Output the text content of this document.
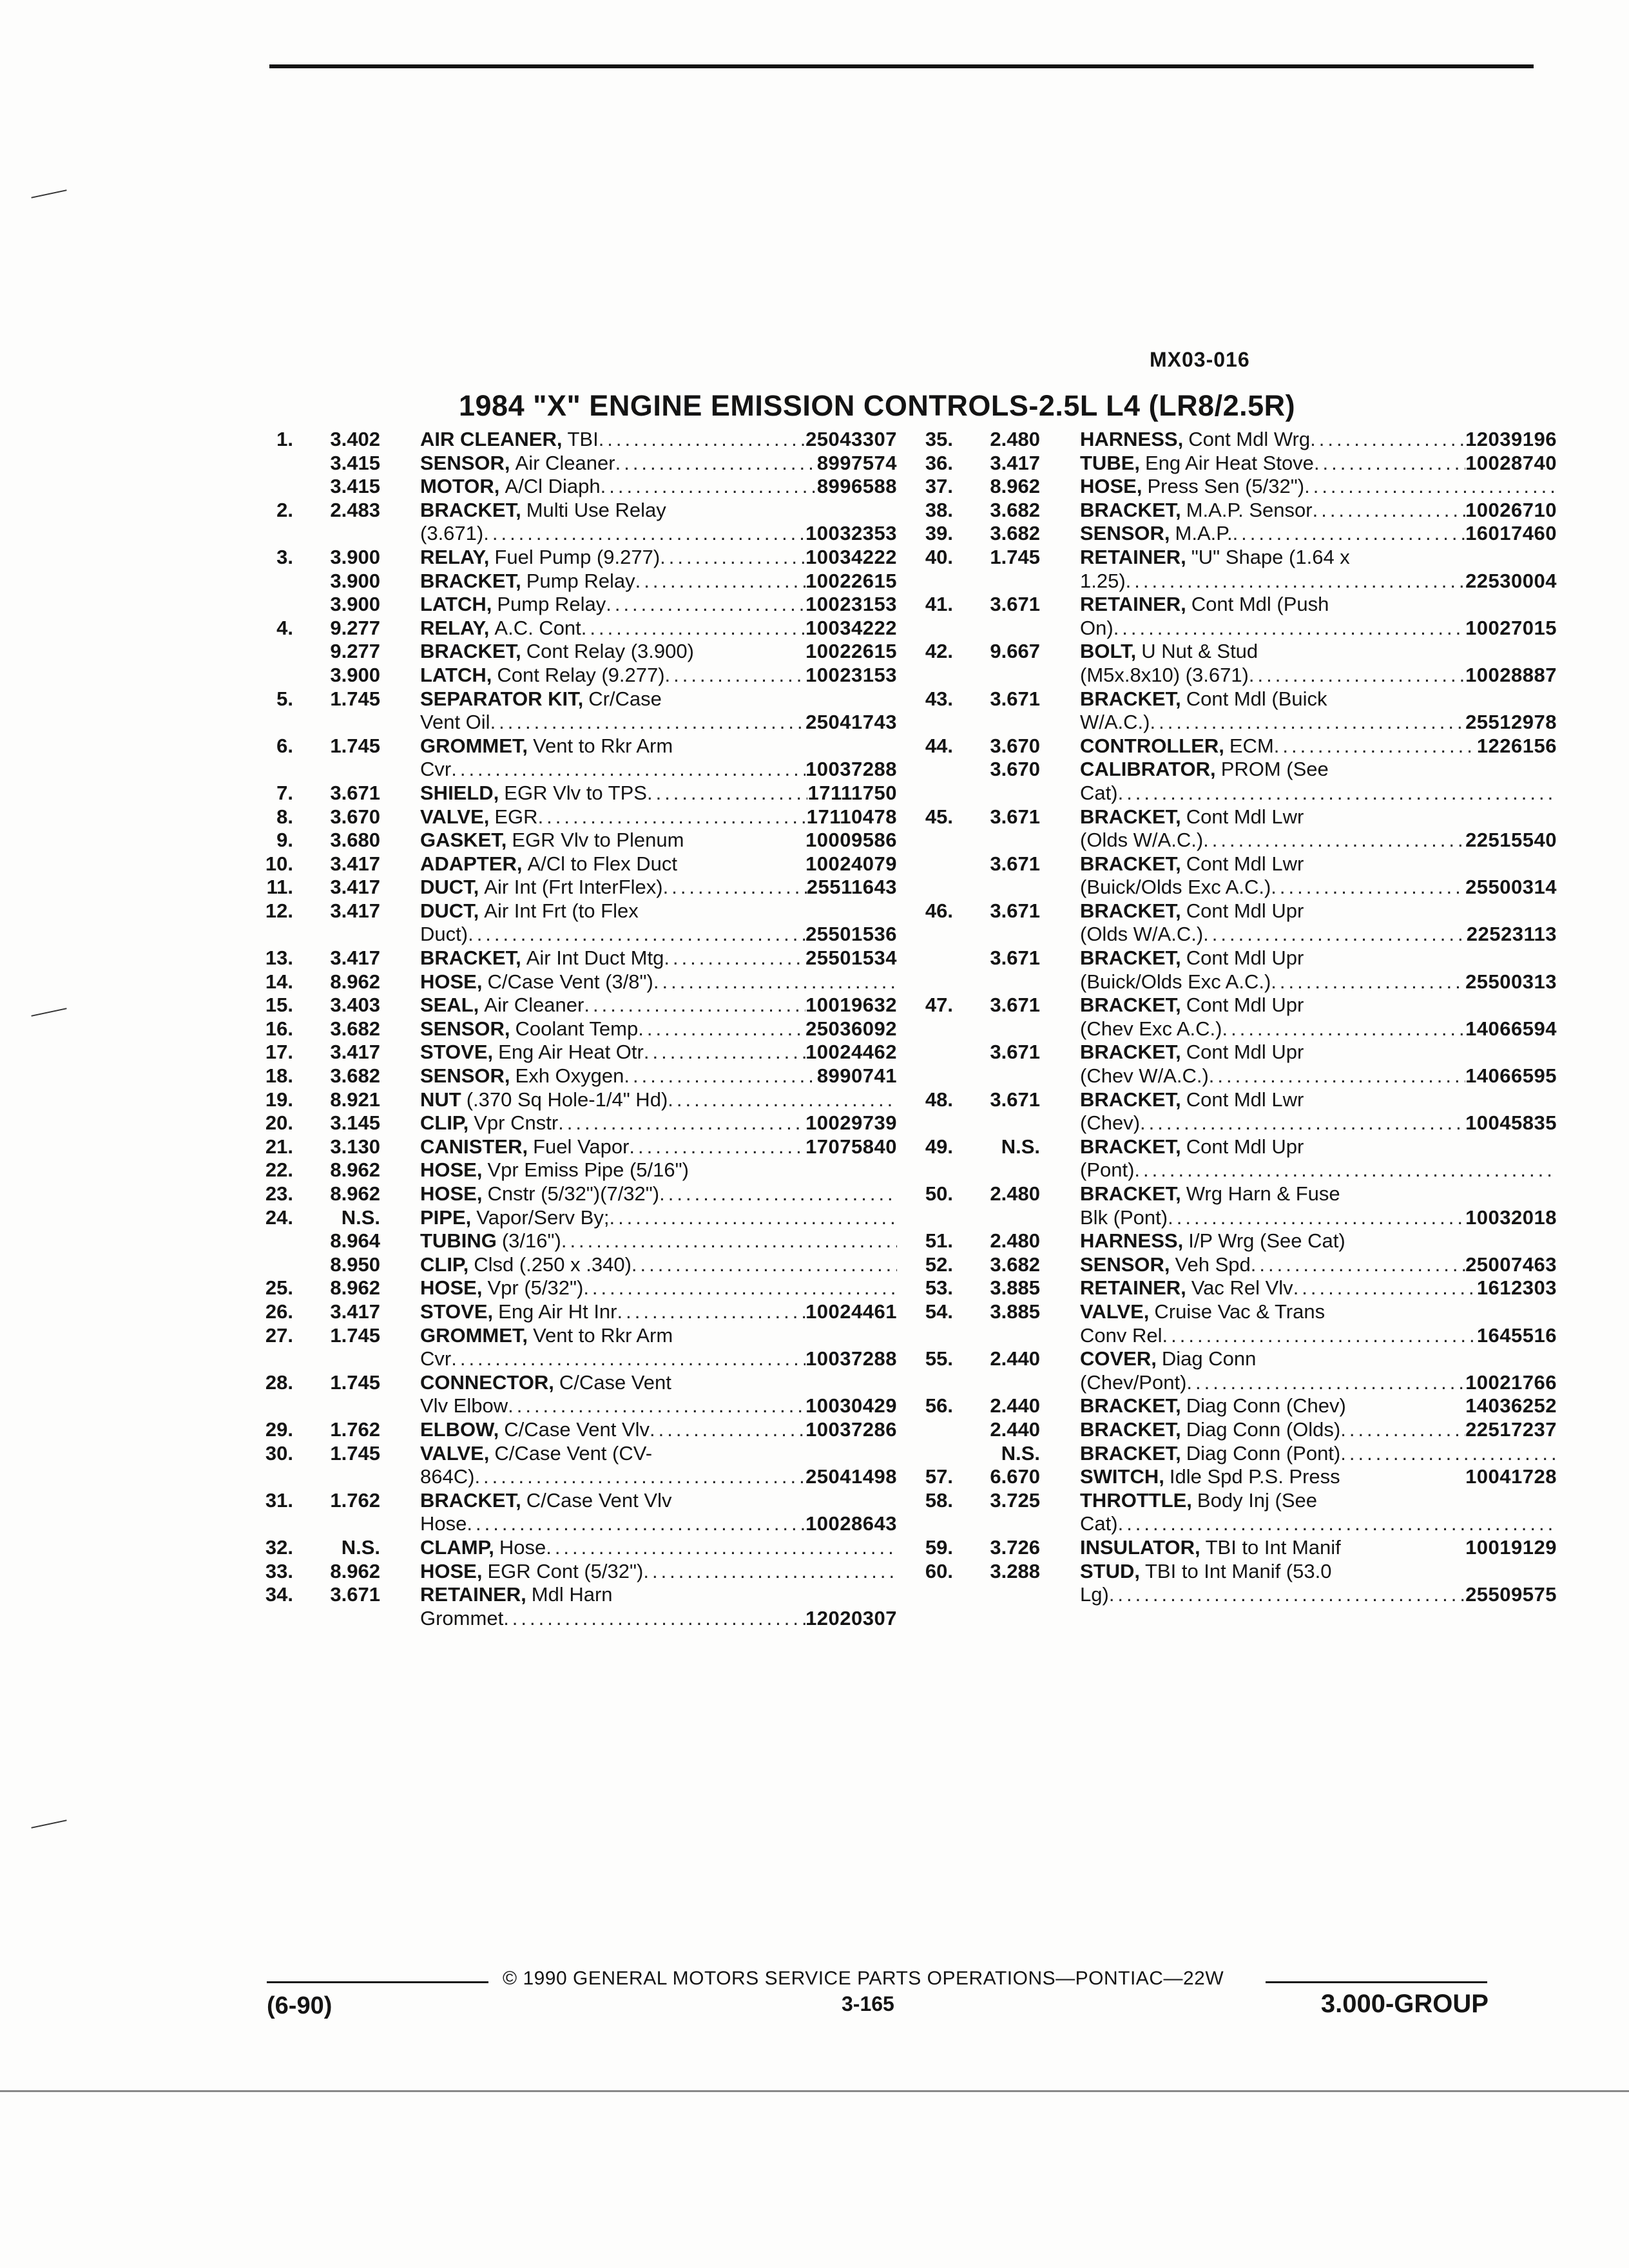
MX03-016
1984 "X" ENGINE EMISSION CONTROLS-2.5L L4 (LR8/2.5R)
1.	3.402 AIR CLEANER, TBI .....	25043307
3.415 SENSOR, Air Cleaner .....	8997574
3.415 MOTOR, A/Cl Diaph .....	8996588
2.	2.483 BRACKET, Multi Use Relay
(3.671) .....	10032353
3.	3.900 RELAY, Fuel Pump (9.277) .....	10034222
3.900 BRACKET, Pump Relay .....	10022615
3.900 LATCH, Pump Relay .....	10023153
4.	9.277 RELAY, A.C. Cont .....	10034222
9.277 BRACKET, Cont Relay (3.900)	10022615
3.900 LATCH, Cont Relay (9.277) .....	10023153
5.	1.745 SEPARATOR KIT, Cr/Case
Vent Oil .....	25041743
6.	1.745 GROMMET, Vent to Rkr Arm
Cvr .....	10037288
7.	3.671 SHIELD, EGR Vlv to TPS .....	17111750
8.	3.670 VALVE, EGR .....	17110478
9.	3.680 GASKET, EGR Vlv to Plenum	10009586
10.	3.417 ADAPTER, A/Cl to Flex Duct	10024079
11.	3.417 DUCT, Air Int (Frt InterFlex) .....	25511643
12.	3.417 DUCT, Air Int Frt (to Flex
Duct) .....	25501536
13.	3.417 BRACKET, Air Int Duct Mtg .....	25501534
14.	8.962 HOSE, C/Case Vent (3/8")
.....
15.	3.403 SEAL, Air Cleaner .....	10019632
16.	3.682 SENSOR, Coolant Temp .....	25036092
17.	3.417 STOVE, Eng Air Heat Otr .....	10024462
18.	3.682 SENSOR, Exh Oxygen .....	8990741
19.	8.921 NUT (.370 Sq Hole-1/4" Hd)
.....
20.	3.145 CLIP, Vpr Cnstr .....	10029739
21.	3.130 CANISTER, Fuel Vapor .....	17075840
22.	8.962 HOSE, Vpr Emiss Pipe (5/16")
23.	8.962 HOSE, Cnstr (5/32")(7/32")
.....
24.	N.S. PIPE, Vapor/Serv By;
.....
8.964 TUBING (3/16")
.....
8.950 CLIP, Clsd (.250 x .340)
.....
25.	8.962 HOSE, Vpr (5/32")
.....
26.	3.417 STOVE, Eng Air Ht Inr .....	10024461
27.	1.745 GROMMET, Vent to Rkr Arm
Cvr .....	10037288
28.	1.745 CONNECTOR, C/Case Vent
Vlv Elbow .....	10030429
29.	1.762 ELBOW, C/Case Vent Vlv .....	10037286
30.	1.745 VALVE, C/Case Vent (CV-
864C) .....	25041498
31.	1.762 BRACKET, C/Case Vent Vlv
Hose .....	10028643
32.	N.S. CLAMP, Hose
.....
33.	8.962 HOSE, EGR Cont (5/32")
.....
34.	3.671 RETAINER, Mdl Harn
Grommet .....	12020307
35.	2.480 HARNESS, Cont Mdl Wrg .....	12039196
36.	3.417 TUBE, Eng Air Heat Stove .....	10028740
37.	8.962 HOSE, Press Sen (5/32")
.....
38.	3.682 BRACKET, M.A.P. Sensor .....	10026710
39.	3.682 SENSOR, M.A.P. .....	16017460
40.	1.745 RETAINER, "U" Shape (1.64 x
1.25) .....	22530004
41.	3.671 RETAINER, Cont Mdl (Push
On) .....	10027015
42.	9.667 BOLT, U Nut & Stud
(M5x.8x10) (3.671) .....	10028887
43.	3.671 BRACKET, Cont Mdl (Buick
W/A.C.) .....	25512978
44.	3.670 CONTROLLER, ECM .....	1226156
3.670 CALIBRATOR, PROM (See
Cat)
.....
45.	3.671 BRACKET, Cont Mdl Lwr
(Olds W/A.C.) .....	22515540
3.671 BRACKET, Cont Mdl Lwr
(Buick/Olds Exc A.C.) .....	25500314
46.	3.671 BRACKET, Cont Mdl Upr
(Olds W/A.C.) .....	22523113
3.671 BRACKET, Cont Mdl Upr
(Buick/Olds Exc A.C.) .....	25500313
47.	3.671 BRACKET, Cont Mdl Upr
(Chev Exc A.C.) .....	14066594
3.671 BRACKET, Cont Mdl Upr
(Chev W/A.C.) .....	14066595
48.	3.671 BRACKET, Cont Mdl Lwr
(Chev) .....	10045835
49.	N.S. BRACKET, Cont Mdl Upr
(Pont)
.....
50.	2.480 BRACKET, Wrg Harn & Fuse
Blk (Pont) .....	10032018
51.	2.480 HARNESS, I/P Wrg (See Cat)
52.	3.682 SENSOR, Veh Spd .....	25007463
53.	3.885 RETAINER, Vac Rel Vlv .....	1612303
54.	3.885 VALVE, Cruise Vac & Trans
Conv Rel .....	1645516
55.	2.440 COVER, Diag Conn
(Chev/Pont) .....	10021766
56.	2.440 BRACKET, Diag Conn (Chev)	14036252
2.440 BRACKET, Diag Conn (Olds) .....	22517237
N.S. BRACKET, Diag Conn (Pont)
.....
57.	6.670 SWITCH, Idle Spd P.S. Press	10041728
58.	3.725 THROTTLE, Body Inj (See
Cat)
.....
59.	3.726 INSULATOR, TBI to Int Manif	10019129
60.	3.288 STUD, TBI to Int Manif (53.0
Lg) .....	25509575
© 1990 GENERAL MOTORS SERVICE PARTS OPERATIONS—PONTIAC—22W
(6-90)	3-165	3.000-GROUP
